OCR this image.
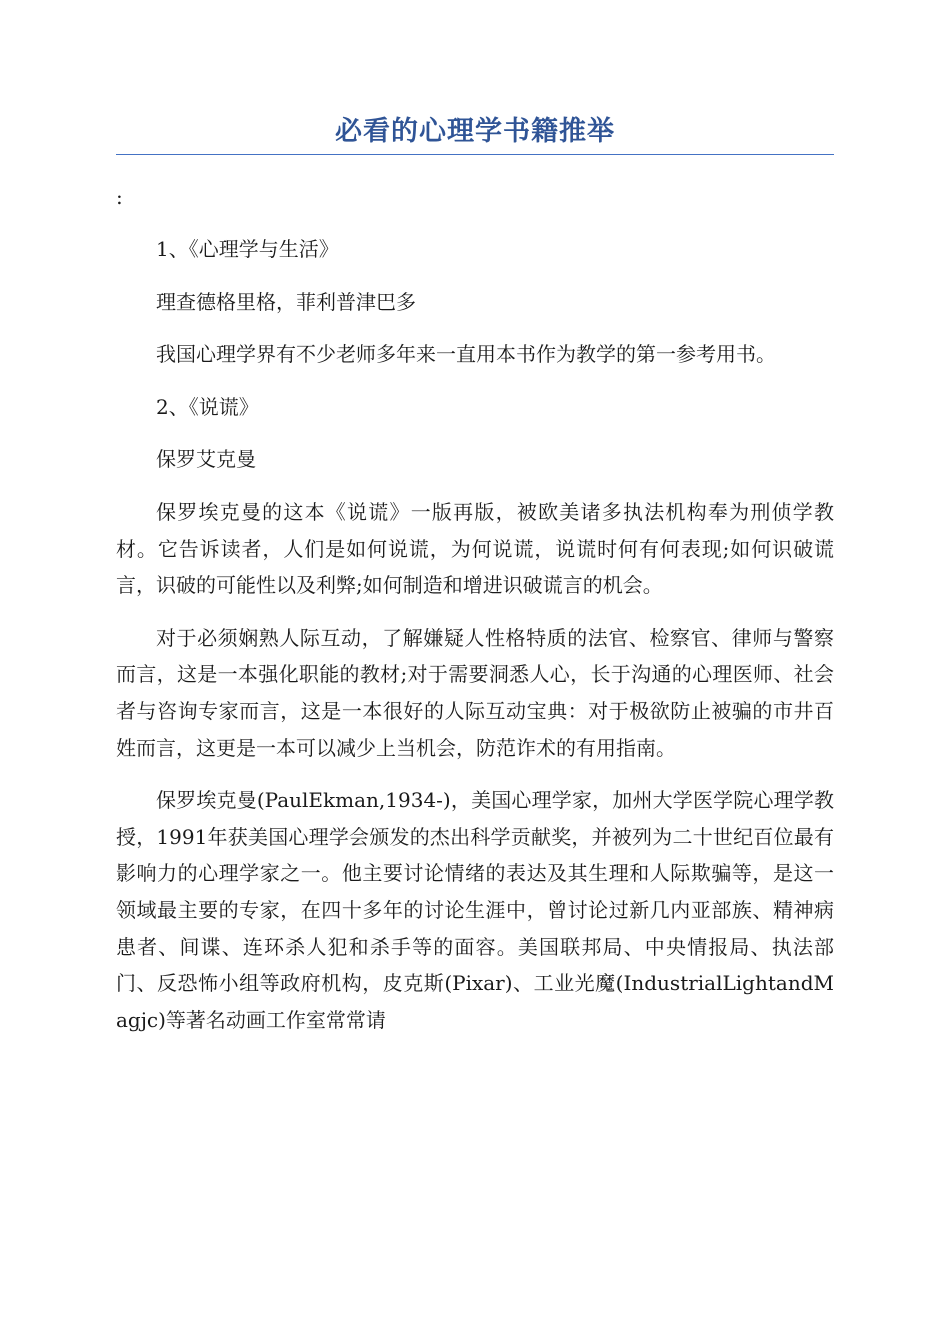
必看的心理学书籍推举
:

1、《心理学与生活》

理查德格里格，菲利普津巴多

我国心理学界有不少老师多年来一直用本书作为教学的第一参考用书。

2、《说谎》

保罗艾克曼

保罗埃克曼的这本《说谎》一版再版，被欧美诸多执法机构奉为刑侦学教材。它告诉读者，人们是如何说谎，为何说谎，说谎时何有何表现;如何识破谎言，识破的可能性以及利弊;如何制造和增进识破谎言的机会。

对于必须娴熟人际互动，了解嫌疑人性格特质的法官、检察官、律师与警察而言，这是一本强化职能的教材;对于需要洞悉人心，长于沟通的心理医师、社会者与咨询专家而言，这是一本很好的人际互动宝典：对于极欲防止被骗的市井百姓而言，这更是一本可以减少上当机会，防范诈术的有用指南。

保罗埃克曼(PaulEkman,1934-)，美国心理学家，加州大学医学院心理学教授，1991年获美国心理学会颁发的杰出科学贡献奖，并被列为二十世纪百位最有影响力的心理学家之一。他主要讨论情绪的表达及其生理和人际欺骗等，是这一领域最主要的专家，在四十多年的讨论生涯中，曾讨论过新几内亚部族、精神病患者、间谍、连环杀人犯和杀手等的面容。美国联邦局、中央情报局、执法部门、反恐怖小组等政府机构，皮克斯(Pixar)、工业光魔(IndustrialLightandMagjc)等著名动画工作室常常请
